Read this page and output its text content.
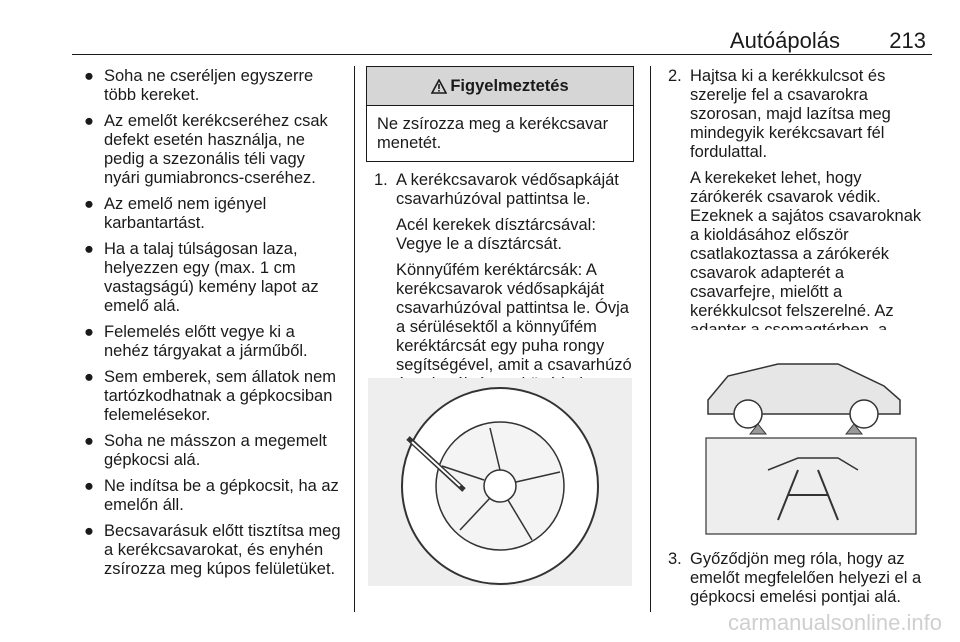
Autóápolás 213
● Soha ne cseréljen egyszerre több kereket.
● Az emelőt kerékcseréhez csak defekt esetén használja, ne pedig a szezonális téli vagy nyári gumiabroncs-cseréhez.
● Az emelő nem igényel karbantartást.
● Ha a talaj túlságosan laza, helyezzen egy (max. 1 cm vastagságú) kemény lapot az emelő alá.
● Felemelés előtt vegye ki a nehéz tárgyakat a járműből.
● Sem emberek, sem állatok nem tartózkodhatnak a gépkocsiban felemelésekor.
● Soha ne másszon a megemelt gépkocsi alá.
● Ne indítsa be a gépkocsit, ha az emelőn áll.
● Becsavarásuk előtt tisztítsa meg a kerékcsavarokat, és enyhén zsírozza meg kúpos felületüket.
Figyelmeztetés
Ne zsírozza meg a kerékcsavar menetét.
1. A kerékcsavarok védősapkáját csavarhúzóval pattintsa le.
Acél kerekek dísztárcsával: Vegye le a dísztárcsát.
Könnyűfém keréktárcsák: A kerékcsavarok védősapkáját csavarhúzóval pattintsa le. Óvja a sérülésektől a könnyűfém keréktárcsát egy puha rongy segítségével, amit a csavarhúzó
2. Hajtsa ki a kerékkulcsot és szerelje fel a csavarokra szorosan, majd lazítsa meg mindegyik kerékcsavart fél fordulattal.
A kerekeket lehet, hogy zárókerék csavarok védik. Ezeknek a sajátos csavaroknak a kioldásához először csatlakoztassa a zárókerék csavarok adapterét a csavarfejre, mielőtt a kerékkulcsot felszerelné. Az
3. Győződjön meg róla, hogy az emelőt megfelelően helyezi el a gépkocsi emelési pontjai alá.
carmanualsonline.info
